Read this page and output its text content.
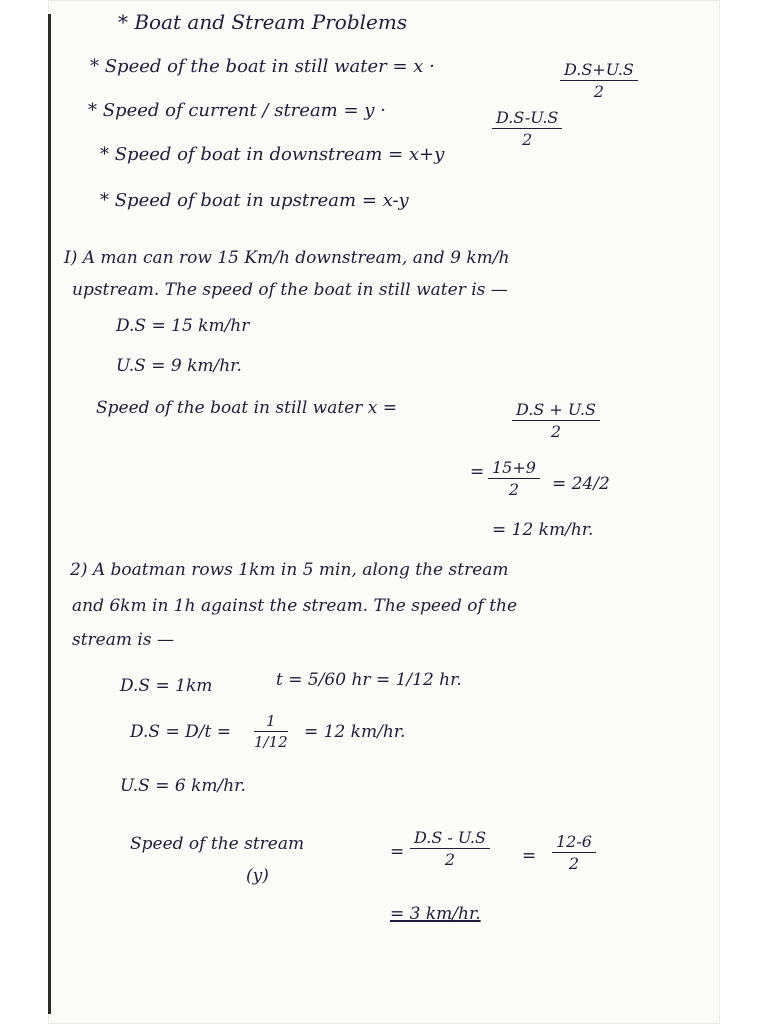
* Boat and Stream Problems
* Speed of the boat in still water = x ·	$\frac{D.S+U.S}{2}$
* Speed of current / stream = y ·	$\frac{D.S-U.S}{2}$
* Speed of boat in downstream = x+y
* Speed of boat in upstream = x-y
I) A man can row 15 Km/h downstream, and 9 km/h
upstream. The speed of the boat in still water is —
D.S = 15 km/hr
U.S = 9 km/hr.
Speed of the boat in still water x =	$\frac{D.S + U.S}{2}$
= $\frac{15+9}{2} = 24/2$
= 12 km/hr.
2) A boatman rows 1km in 5 min, along the stream
and 6km in 1h against the stream. The speed of the
stream is —
D.S = 1km	t = 5/60 hr = 1/12 hr.
$D.S = D/t = \frac{1}{1/12} = 12$ km/hr.
U.S = 6 km/hr.
Speed of the stream
(y)
= $\frac{D.S - U.S}{2} = \frac{12-6}{2}$
= 3 km/hr.
